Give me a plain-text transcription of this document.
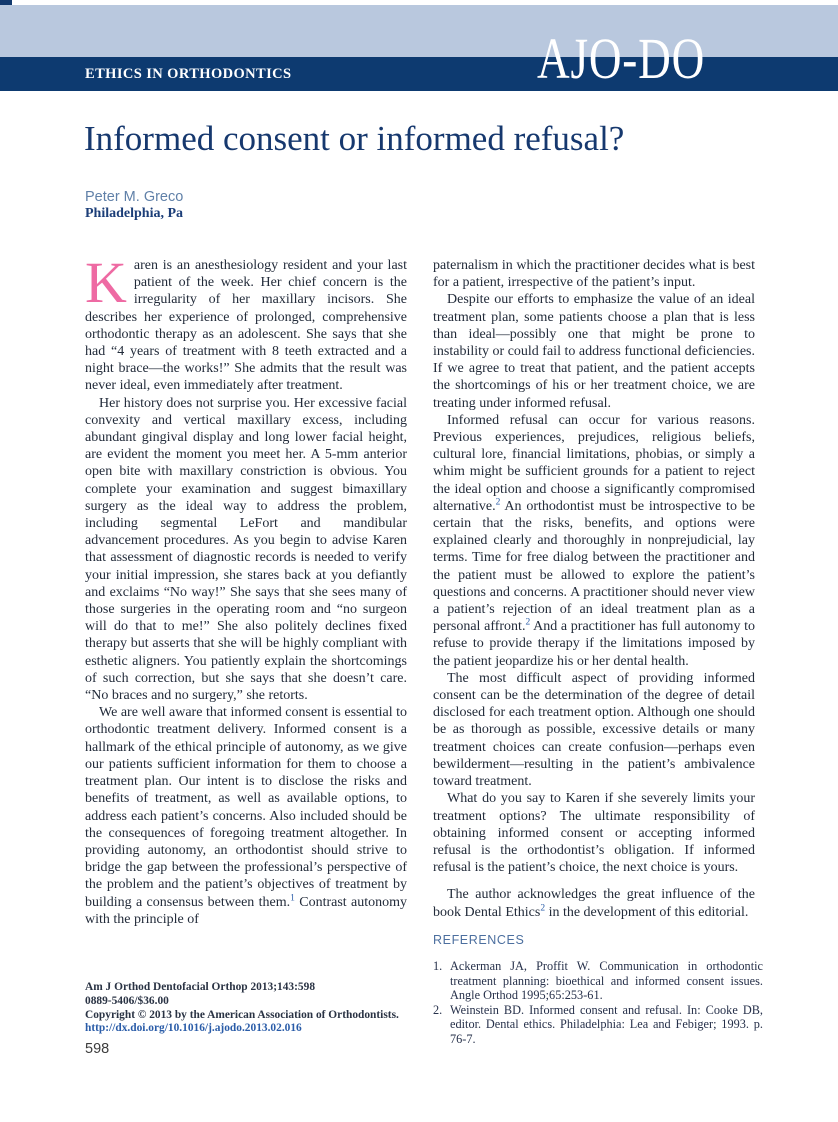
ETHICS IN ORTHODONTICS	AJO-DO
Informed consent or informed refusal?
Peter M. Greco
Philadelphia, Pa

Karen is an anesthesiology resident and your last patient of the week. Her chief concern is the irregularity of her maxillary incisors. She describes her experience of prolonged, comprehensive orthodontic therapy as an adolescent. She says that she had “4 years of treatment with 8 teeth extracted and a night brace—the works!” She admits that the result was never ideal, even immediately after treatment.

Her history does not surprise you. Her excessive facial convexity and vertical maxillary excess, including abundant gingival display and long lower facial height, are evident the moment you meet her. A 5-mm anterior open bite with maxillary constriction is obvious. You complete your examination and suggest bimaxillary surgery as the ideal way to address the problem, including segmental LeFort and mandibular advancement procedures. As you begin to advise Karen that assessment of diagnostic records is needed to verify your initial impression, she stares back at you defiantly and exclaims “No way!” She says that she sees many of those surgeries in the operating room and “no surgeon will do that to me!” She also politely declines fixed therapy but asserts that she will be highly compliant with esthetic aligners. You patiently explain the shortcomings of such correction, but she says that she doesn’t care. “No braces and no surgery,” she retorts.

We are well aware that informed consent is essential to orthodontic treatment delivery. Informed consent is a hallmark of the ethical principle of autonomy, as we give our patients sufficient information for them to choose a treatment plan. Our intent is to disclose the risks and benefits of treatment, as well as available options, to address each patient’s concerns. Also included should be the consequences of foregoing treatment altogether. In providing autonomy, an orthodontist should strive to bridge the gap between the professional’s perspective of the problem and the patient’s objectives of treatment by building a consensus between them.$^1$ Contrast autonomy with the principle of

paternalism in which the practitioner decides what is best for a patient, irrespective of the patient’s input.

Despite our efforts to emphasize the value of an ideal treatment plan, some patients choose a plan that is less than ideal—possibly one that might be prone to instability or could fail to address functional deficiencies. If we agree to treat that patient, and the patient accepts the shortcomings of his or her treatment choice, we are treating under informed refusal.

Informed refusal can occur for various reasons. Previous experiences, prejudices, religious beliefs, cultural lore, financial limitations, phobias, or simply a whim might be sufficient grounds for a patient to reject the ideal option and choose a significantly compromised alternative.$^2$ An orthodontist must be introspective to be certain that the risks, benefits, and options were explained clearly and thoroughly in nonprejudicial, lay terms. Time for free dialog between the practitioner and the patient must be allowed to explore the patient’s questions and concerns. A practitioner should never view a patient’s rejection of an ideal treatment plan as a personal affront.$^2$ And a practitioner has full autonomy to refuse to provide therapy if the limitations imposed by the patient jeopardize his or her dental health.

The most difficult aspect of providing informed consent can be the determination of the degree of detail disclosed for each treatment option. Although one should be as thorough as possible, excessive details or many treatment choices can create confusion—perhaps even bewilderment—resulting in the patient’s ambivalence toward treatment.

What do you say to Karen if she severely limits your treatment options? The ultimate responsibility of obtaining informed consent or accepting informed refusal is the orthodontist’s obligation. If informed refusal is the patient’s choice, the next choice is yours.

The author acknowledges the great influence of the book Dental Ethics$^2$ in the development of this editorial.

REFERENCES
1. Ackerman JA, Proffit W. Communication in orthodontic treatment planning: bioethical and informed consent issues. Angle Orthod 1995;65:253-61.
2. Weinstein BD. Informed consent and refusal. In: Cooke DB, editor. Dental ethics. Philadelphia: Lea and Febiger; 1993. p. 76-7.
Am J Orthod Dentofacial Orthop 2013;143:598
0889-5406/$36.00
Copyright © 2013 by the American Association of Orthodontists.
http://dx.doi.org/10.1016/j.ajodo.2013.02.016
598
